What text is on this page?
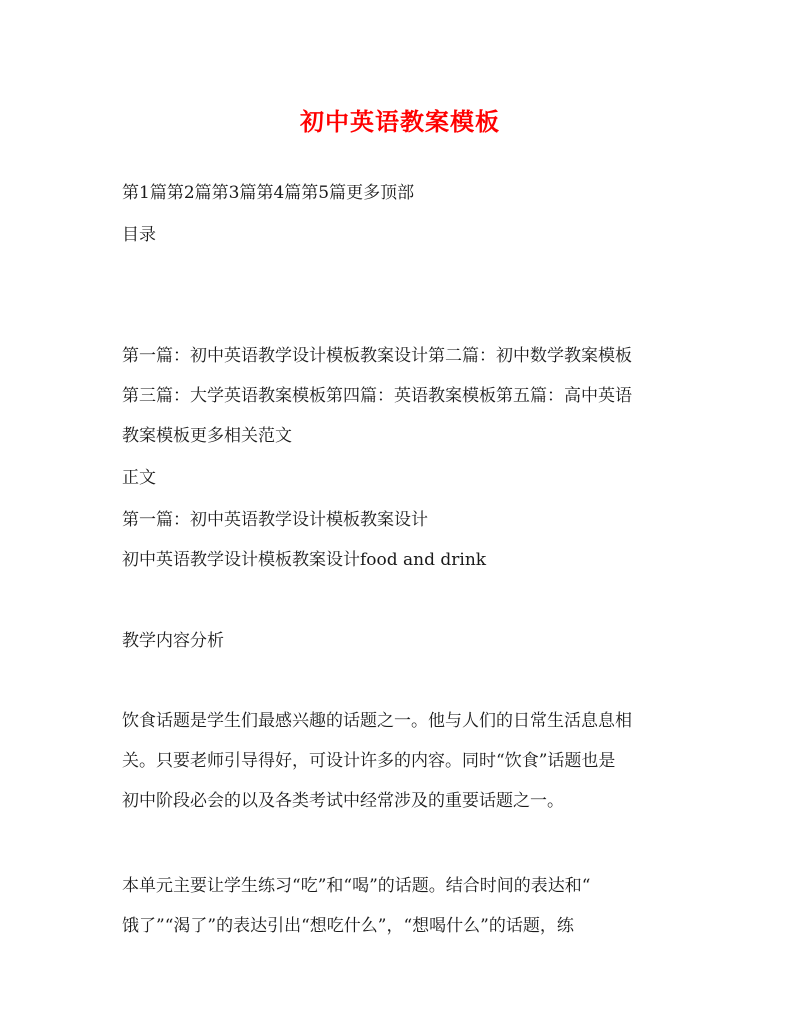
初中英语教案模板
第1篇第2篇第3篇第4篇第5篇更多顶部
目录
第一篇：初中英语教学设计模板教案设计第二篇：初中数学教案模板
第三篇：大学英语教案模板第四篇：英语教案模板第五篇：高中英语
教案模板更多相关范文
正文
第一篇：初中英语教学设计模板教案设计
初中英语教学设计模板教案设计food and drink
教学内容分析
饮食话题是学生们最感兴趣的话题之一。他与人们的日常生活息息相
关。只要老师引导得好，可设计许多的内容。同时“饮食”话题也是
初中阶段必会的以及各类考试中经常涉及的重要话题之一。
本单元主要让学生练习“吃”和“喝”的话题。结合时间的表达和“
饿了”“渴了”的表达引出“想吃什么”，“想喝什么”的话题，练
